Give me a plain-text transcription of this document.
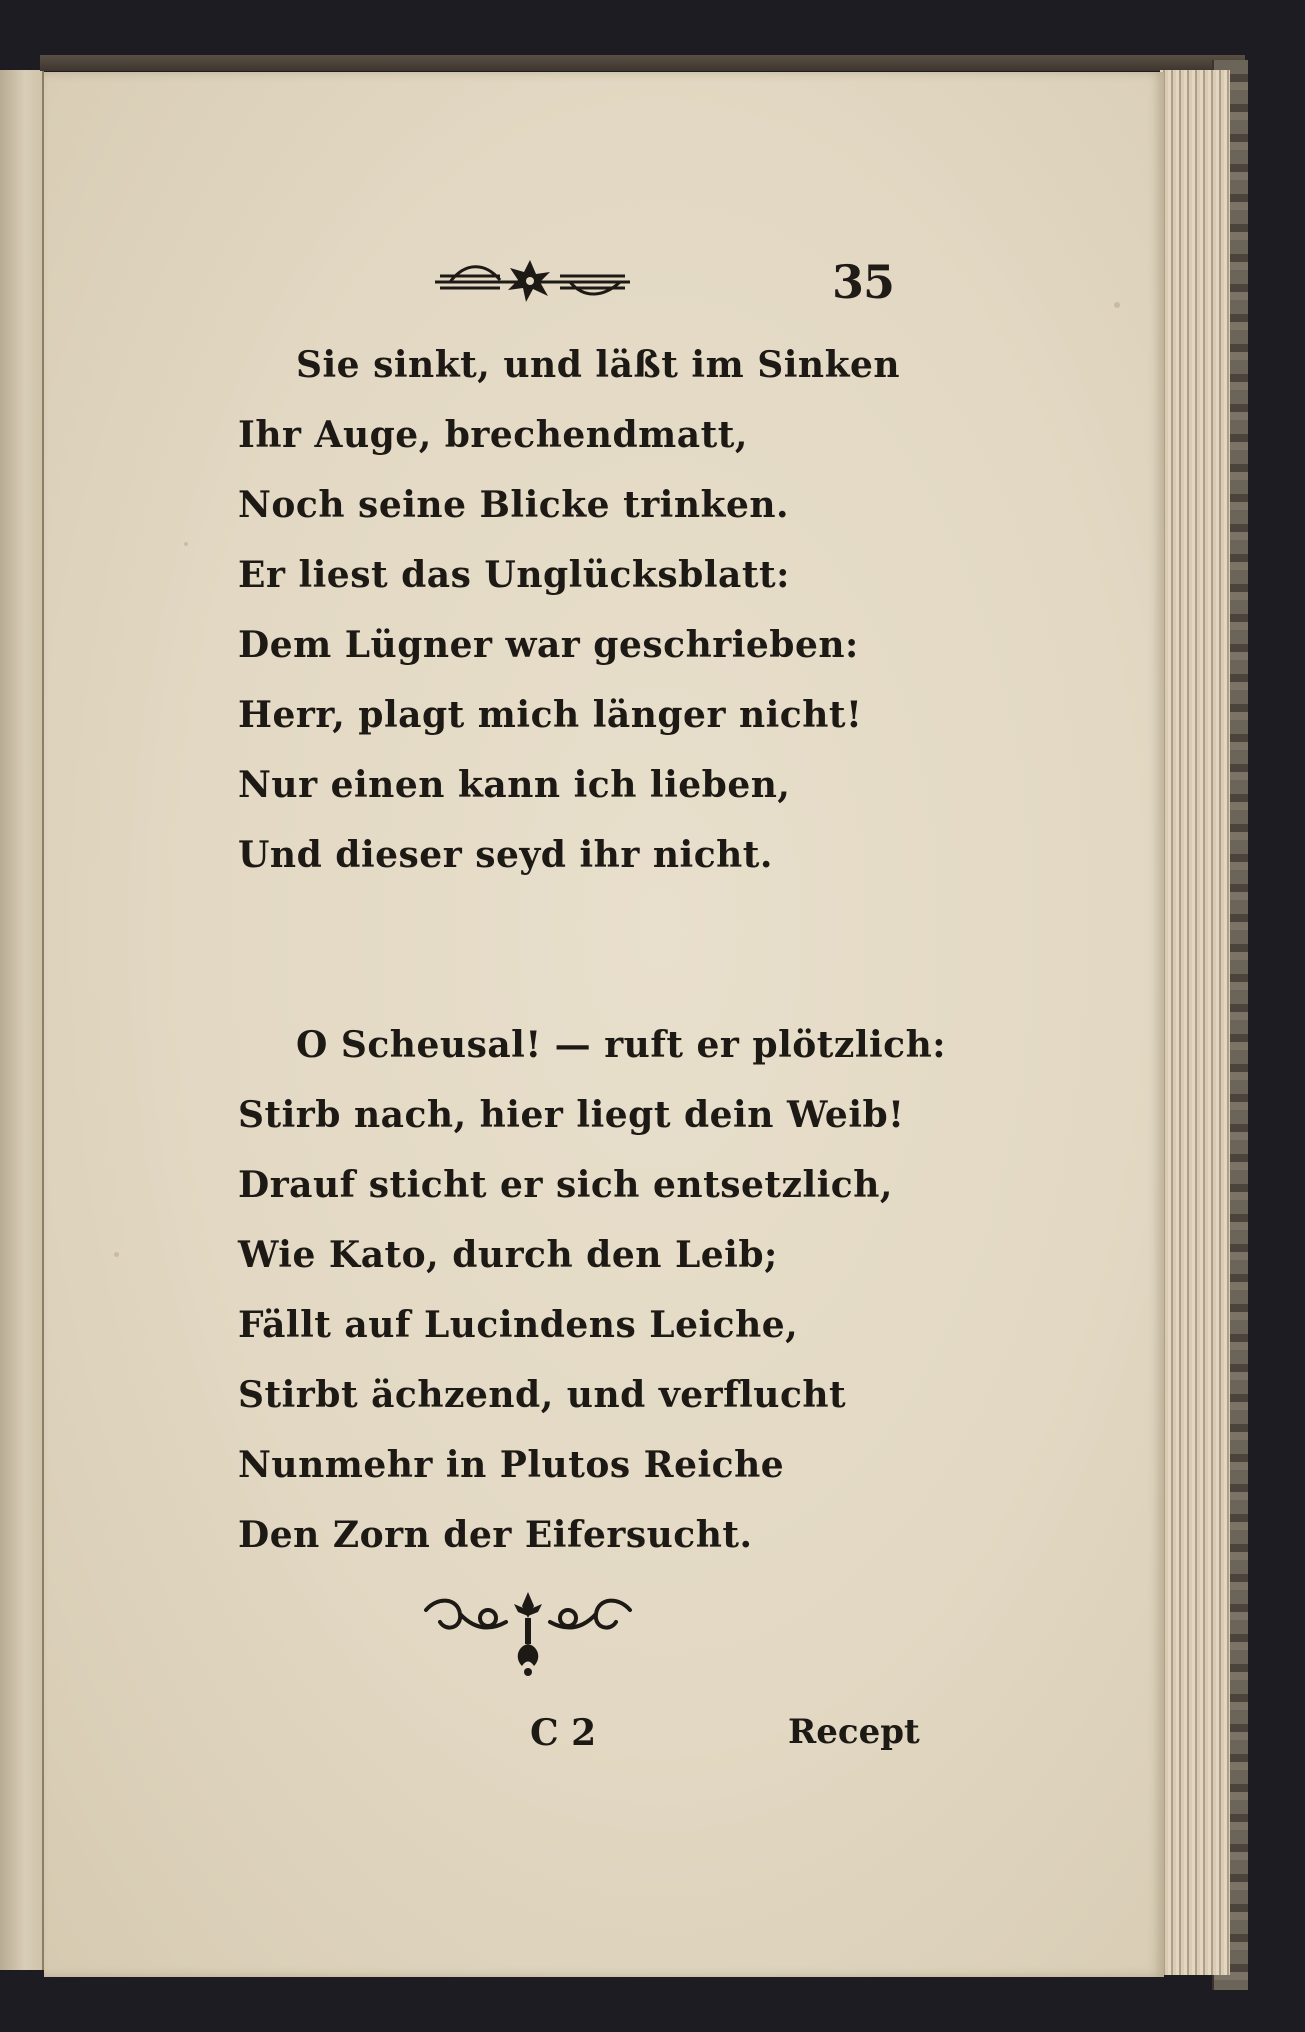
35
Sie sinkt, und läßt im Sinken
Ihr Auge, brechendmatt,
Noch seine Blicke trinken.
Er liest das Unglücksblatt:
Dem Lügner war geschrieben:
Herr, plagt mich länger nicht!
Nur einen kann ich lieben,
Und dieser seyd ihr nicht.
O Scheusal! — ruft er plötzlich:
Stirb nach, hier liegt dein Weib!
Drauf sticht er sich entsetzlich,
Wie Kato, durch den Leib;
Fällt auf Lucindens Leiche,
Stirbt ächzend, und verflucht
Nunmehr in Plutos Reiche
Den Zorn der Eifersucht.
C 2	Recept
